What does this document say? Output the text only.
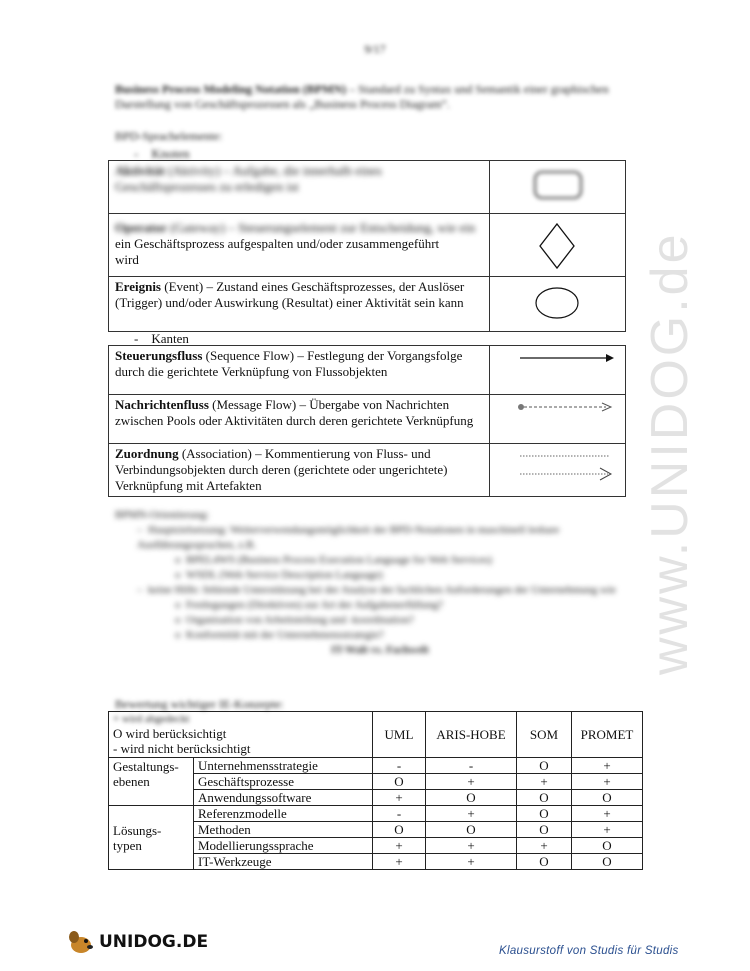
9/17
Business Process Modeling Notation (BPMN) – Standard zu Syntax und Semantik einer graphischen Darstellung von Geschäftsprozessen als „Business Process Diagram“.
BPD-Sprachelemente:
-    Knoten
Aktivität (Aktivity) – Aufgabe, die innerhalb eines Geschäftsprozesses zu erledigen ist	

Operator (Gateway) – Steuerungselement zur Entscheidung, wie ein
ein Geschäftsprozess aufgespalten und/oder zusammengeführt
wird

Ereignis (Event) – Zustand eines Geschäftsprozesses, der Auslöser (Trigger) und/oder Auswirkung (Resultat) einer Aktivität sein kann	
-    Kanten
Steuerungsfluss (Sequence Flow) – Festlegung der Vorgangsfolge durch die gerichtete Verknüpfung von Flussobjekten	
Nachrichtenfluss (Message Flow) – Übergabe von Nachrichten zwischen Pools oder Aktivitäten durch deren gerichtete Verknüpfung	
Zuordnung (Association) – Kommentierung von Fluss- und Verbindungsobjekten durch deren (gerichtete oder ungerichtete) Verknüpfung mit Artefakten	
BPMN-Orientierung:
–  Hauptzielsetzung: Weiterverwendungsmöglichkeit der BPD-Notationen in maschinell lesbare Ausführungssprachen, z.B.
o  BPEL4WS (Business Process Execution Language for Web Services)
o  WSDL (Web Service Description Language)
–  keine Hilfe: fehlende Unterstützung bei der Analyse der fachlichen Anforderungen der Unternehmung wie
o  Festlegungen (Direktiven) zur Art der Aufgabenerfüllung?
o  Organisation von Arbeitsteilung und -koordination?
o  Konformität mit der Unternehmensstrategie?
IT-Walt vs. Fachwelt
Bewertung wichtiger IE-Konzepte:
+ wird abgedeckt
O wird berücksichtigt
- wird nicht berücksichtigt		UML	ARIS-HOBE	SOM	PROMET
Gestaltungs-ebenen	Unternehmensstrategie	-	-	O	+
	Geschäftsprozesse	O	+	+	+
	Anwendungssoftware	+	O	O	O
Lösungs-typen	Referenzmodelle	-	+	O	+
	Methoden	O	O	O	+
	Modellierungssprache	+	+	+	O
	IT-Werkzeuge	+	+	O	O
www.UNIDOG.de
UNIDOG.DE	Klausurstoff von Studis für Studis
